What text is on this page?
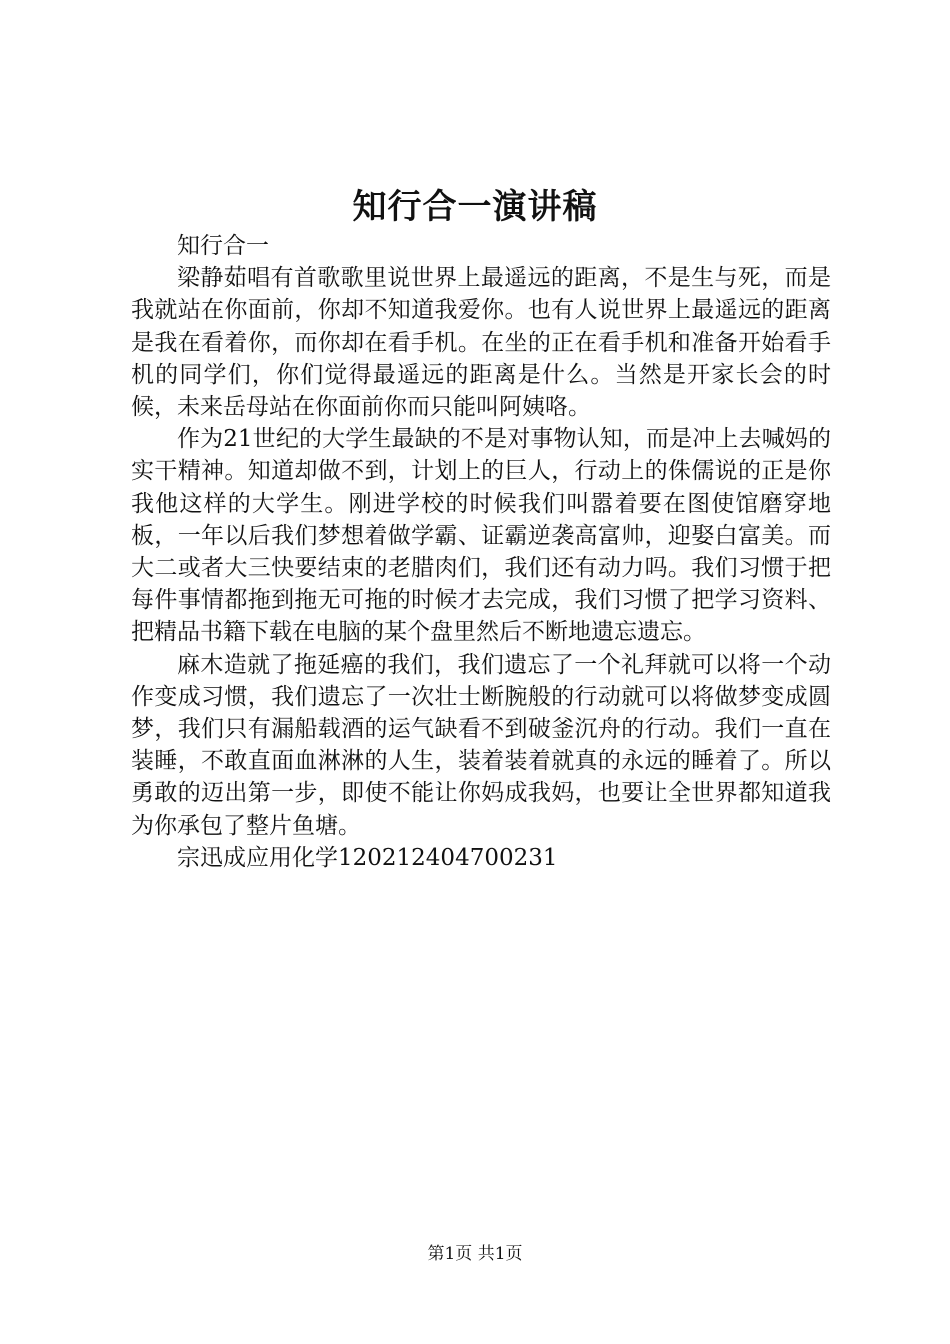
知行合一演讲稿

知行合一

梁静茹唱有首歌歌里说世界上最遥远的距离，不是生与死，而是我就站在你面前，你却不知道我爱你。也有人说世界上最遥远的距离是我在看着你，而你却在看手机。在坐的正在看手机和准备开始看手机的同学们，你们觉得最遥远的距离是什么。当然是开家长会的时候，未来岳母站在你面前你而只能叫阿姨咯。

作为21世纪的大学生最缺的不是对事物认知，而是冲上去喊妈的实干精神。知道却做不到，计划上的巨人，行动上的侏儒说的正是你我他这样的大学生。刚进学校的时候我们叫嚣着要在图使馆磨穿地板，一年以后我们梦想着做学霸、证霸逆袭高富帅，迎娶白富美。而大二或者大三快要结束的老腊肉们，我们还有动力吗。我们习惯于把每件事情都拖到拖无可拖的时候才去完成，我们习惯了把学习资料、把精品书籍下载在电脑的某个盘里然后不断地遗忘遗忘。

麻木造就了拖延癌的我们，我们遗忘了一个礼拜就可以将一个动作变成习惯，我们遗忘了一次壮士断腕般的行动就可以将做梦变成圆梦，我们只有漏船载酒的运气缺看不到破釜沉舟的行动。我们一直在装睡，不敢直面血淋淋的人生，装着装着就真的永远的睡着了。所以勇敢的迈出第一步，即使不能让你妈成我妈，也要让全世界都知道我为你承包了整片鱼塘。

宗迅成应用化学120212404700231

第1页 共1页
